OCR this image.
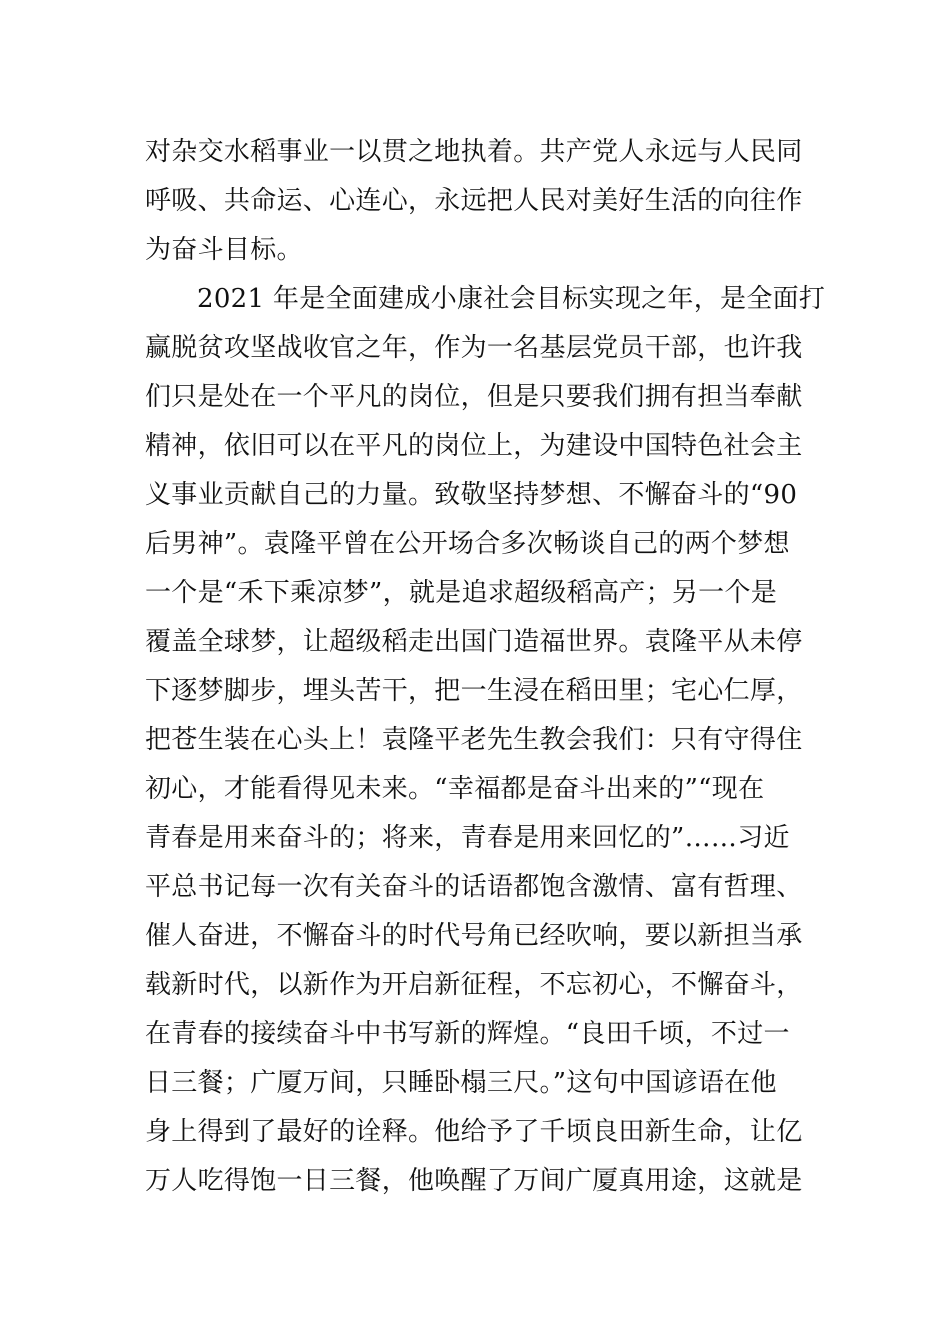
对杂交水稻事业一以贯之地执着。共产党人永远与人民同
呼吸、共命运、心连心，永远把人民对美好生活的向往作
为奋斗目标。
2021 年是全面建成小康社会目标实现之年，是全面打
赢脱贫攻坚战收官之年，作为一名基层党员干部，也许我
们只是处在一个平凡的岗位，但是只要我们拥有担当奉献
精神，依旧可以在平凡的岗位上，为建设中国特色社会主
义事业贡献自己的力量。致敬坚持梦想、不懈奋斗的“90
后男神”。袁隆平曾在公开场合多次畅谈自己的两个梦想
一个是“禾下乘凉梦”，就是追求超级稻高产；另一个是
覆盖全球梦，让超级稻走出国门造福世界。袁隆平从未停
下逐梦脚步，埋头苦干，把一生浸在稻田里；宅心仁厚，
把苍生装在心头上！袁隆平老先生教会我们：只有守得住
初心，才能看得见未来。“幸福都是奋斗出来的”“现在
青春是用来奋斗的；将来，青春是用来回忆的”……习近
平总书记每一次有关奋斗的话语都饱含激情、富有哲理、
催人奋进，不懈奋斗的时代号角已经吹响，要以新担当承
载新时代，以新作为开启新征程，不忘初心，不懈奋斗，
在青春的接续奋斗中书写新的辉煌。“良田千顷，不过一
日三餐；广厦万间，只睡卧榻三尺。”这句中国谚语在他
身上得到了最好的诠释。他给予了千顷良田新生命，让亿
万人吃得饱一日三餐，他唤醒了万间广厦真用途，这就是
